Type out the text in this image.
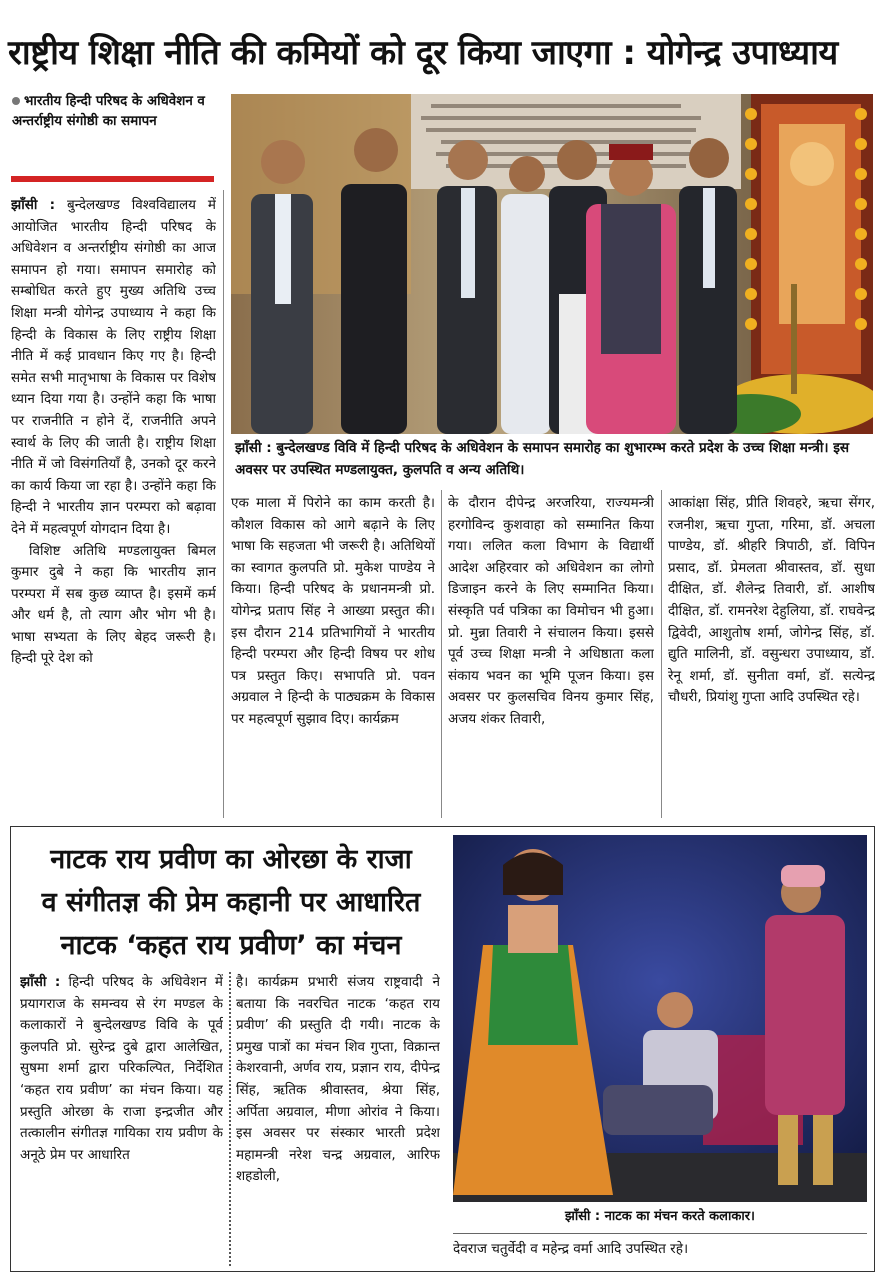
राष्ट्रीय शिक्षा नीति की कमियों को दूर किया जाएगा : योगेन्द्र उपाध्याय
भारतीय हिन्दी परिषद के अधिवेशन व अन्तर्राष्ट्रीय संगोष्ठी का समापन

झाँसी : बुन्देलखण्ड विश्वविद्यालय में आयोजित भारतीय हिन्दी परिषद के अधिवेशन व अन्तर्राष्ट्रीय संगोष्ठी का आज समापन हो गया। समापन समारोह को सम्बोधित करते हुए मुख्य अतिथि उच्च शिक्षा मन्त्री योगेन्द्र उपाध्याय ने कहा कि हिन्दी के विकास के लिए राष्ट्रीय शिक्षा नीति में कई प्रावधान किए गए है। हिन्दी समेत सभी मातृभाषा के विकास पर विशेष ध्यान दिया गया है। उन्होंने कहा कि भाषा पर राजनीति न होने दें, राजनीति अपने स्वार्थ के लिए की जाती है। राष्ट्रीय शिक्षा नीति में जो विसंगतियाँ है, उनको दूर करने का कार्य किया जा रहा है। उन्होंने कहा कि हिन्दी ने भारतीय ज्ञान परम्परा को बढ़ावा देने में महत्वपूर्ण योगदान दिया है।

विशिष्ट अतिथि मण्डलायुक्त बिमल कुमार दुबे ने कहा कि भारतीय ज्ञान परम्परा में सब कुछ व्याप्त है। इसमें कर्म और धर्म है, तो त्याग और भोग भी है। भाषा सभ्यता के लिए बेहद जरूरी है। हिन्दी पूरे देश को

झाँसी : बुन्देलखण्ड विवि में हिन्दी परिषद के अधिवेशन के समापन समारोह का शुभारम्भ करते प्रदेश के उच्च शिक्षा मन्त्री। इस अवसर पर उपस्थित मण्डलायुक्त, कुलपति व अन्य अतिथि।
एक माला में पिरोने का काम करती है। कौशल विकास को आगे बढ़ाने के लिए भाषा कि सहजता भी जरूरी है। अतिथियों का स्वागत कुलपति प्रो. मुकेश पाण्डेय ने किया। हिन्दी परिषद के प्रधानमन्त्री प्रो. योगेन्द्र प्रताप सिंह ने आख्या प्रस्तुत की। इस दौरान 214 प्रतिभागियों ने भारतीय हिन्दी परम्परा और हिन्दी विषय पर शोध पत्र प्रस्तुत किए। सभापति प्रो. पवन अग्रवाल ने हिन्दी के पाठ्यक्रम के विकास पर महत्वपूर्ण सुझाव दिए। कार्यक्रम
के दौरान दीपेन्द्र अरजरिया, राज्यमन्त्री हरगोविन्द कुशवाहा को सम्मानित किया गया। ललित कला विभाग के विद्यार्थी आदेश अहिरवार को अधिवेशन का लोगो डिजाइन करने के लिए सम्मानित किया। संस्कृति पर्व पत्रिका का विमोचन भी हुआ। प्रो. मुन्ना तिवारी ने संचालन किया। इससे पूर्व उच्च शिक्षा मन्त्री ने अधिष्ठाता कला संकाय भवन का भूमि पूजन किया। इस अवसर पर कुलसचिव विनय कुमार सिंह, अजय शंकर तिवारी,
आकांक्षा सिंह, प्रीति शिवहरे, ऋचा सेंगर, रजनीश, ऋचा गुप्ता, गरिमा, डॉ. अचला पाण्डेय, डॉ. श्रीहरि त्रिपाठी, डॉ. विपिन प्रसाद, डॉ. प्रेमलता श्रीवास्तव, डॉ. सुधा दीक्षित, डॉ. शैलेन्द्र तिवारी, डॉ. आशीष दीक्षित, डॉ. रामनरेश देहुलिया, डॉ. राघवेन्द्र द्विवेदी, आशुतोष शर्मा, जोगेन्द्र सिंह, डॉ. द्युति मालिनी, डॉ. वसुन्धरा उपाध्याय, डॉ. रेनू शर्मा, डॉ. सुनीता वर्मा, डॉ. सत्येन्द्र चौधरी, प्रियांशु गुप्ता आदि उपस्थित रहे।
नाटक राय प्रवीण का ओरछा के राजा
व संगीतज्ञ की प्रेम कहानी पर आधारित
नाटक ‘कहत राय प्रवीण’ का मंचन

झाँसी : हिन्दी परिषद के अधिवेशन में प्रयागराज के समन्वय से रंग मण्डल के कलाकारों ने बुन्देलखण्ड विवि के पूर्व कुलपति प्रो. सुरेन्द्र दुबे द्वारा आलेखित, सुषमा शर्मा द्वारा परिकल्पित, निर्देशित ‘कहत राय प्रवीण’ का मंचन किया। यह प्रस्तुति ओरछा के राजा इन्द्रजीत और तत्कालीन संगीतज्ञ गायिका राय प्रवीण के अनूठे प्रेम पर आधारित

है। कार्यक्रम प्रभारी संजय राष्ट्रवादी ने बताया कि नवरचित नाटक ‘कहत राय प्रवीण’ की प्रस्तुति दी गयी। नाटक के प्रमुख पात्रों का मंचन शिव गुप्ता, विक्रान्त केशरवानी, अर्णव राय, प्रज्ञान राय, दीपेन्द्र सिंह, ऋतिक श्रीवास्तव, श्रेया सिंह, अर्पिता अग्रवाल, मीणा ओरांव ने किया। इस अवसर पर संस्कार भारती प्रदेश महामन्त्री नरेश चन्द्र अग्रवाल, आरिफ शहडोली,
झाँसी : नाटक का मंचन करते कलाकार।
देवराज चतुर्वेदी व महेन्द्र वर्मा आदि उपस्थित रहे।
